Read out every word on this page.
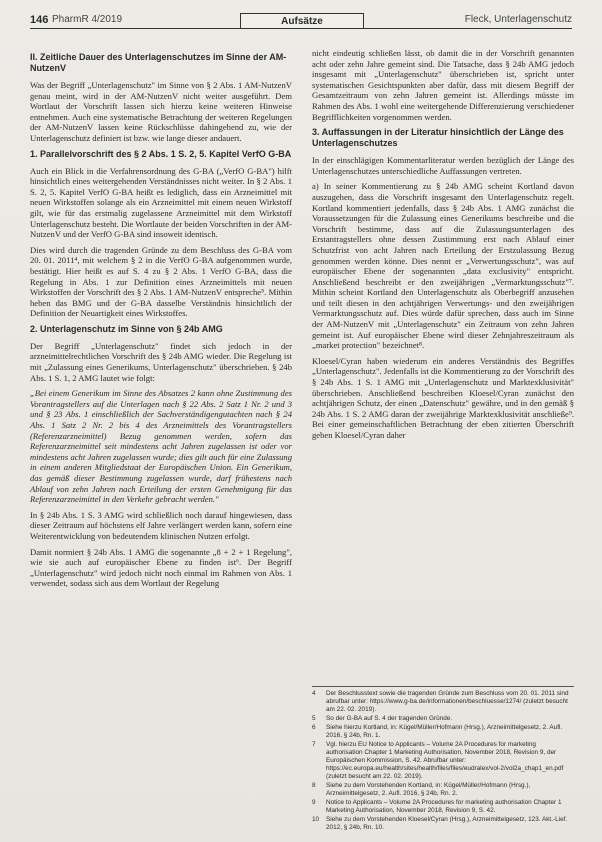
146 PharmR 4/2019	Aufsätze	Fleck, Unterlagenschutz
II. Zeitliche Dauer des Unterlagenschutzes im Sinne der AM-NutzenV

Was der Begriff „Unterlagenschutz" im Sinne von § 2 Abs. 1 AM-NutzenV genau meint, wird in der AM-NutzenV nicht weiter ausgeführt. Dem Wortlaut der Vorschrift lassen sich hierzu keine weiteren Hinweise entnehmen. Auch eine systematische Betrachtung der weiteren Regelungen der AM-NutzenV lassen keine Rückschlüsse dahingehend zu, wie der Unterlagenschutz definiert ist bzw. wie lange dieser andauert.

1. Parallelvorschrift des § 2 Abs. 1 S. 2, 5. Kapitel VerfO G-BA

Auch ein Blick in die Verfahrensordnung des G-BA („VerfO G-BA") hilft hinsichtlich eines weitergehenden Verständnisses nicht weiter. In § 2 Abs. 1 S. 2, 5. Kapitel VerfO G-BA heißt es lediglich, dass ein Arzneimittel mit neuen Wirkstoffen solange als ein Arzneimittel mit einem neuen Wirkstoff gilt, wie für das erstmalig zugelassene Arzneimittel mit dem Wirkstoff Unterlagenschutz besteht. Die Wortlaute der beiden Vorschriften in der AM-NutzenV und der VerfO G-BA sind insoweit identisch.

Dies wird durch die tragenden Gründe zu dem Beschluss des G-BA vom 20. 01. 2011⁴, mit welchem § 2 in die VerfO G-BA aufgenommen wurde, bestätigt. Hier heißt es auf S. 4 zu § 2 Abs. 1 VerfO G-BA, dass die Regelung in Abs. 1 zur Definition eines Arzneimittels mit neuen Wirkstoffen der Vorschrift des § 2 Abs. 1 AM-NutzenV entspreche⁵. Mithin heben das BMG und der G-BA dasselbe Verständnis hinsichtlich der Definition der Neuartigkeit eines Wirkstoffes.

2. Unterlagenschutz im Sinne von § 24b AMG

Der Begriff „Unterlagenschutz" findet sich jedoch in der arzneimittelrechtlichen Vorschrift des § 24b AMG wieder. Die Regelung ist mit „Zulassung eines Generikums, Unterlagenschutz" überschrieben. § 24b Abs. 1 S. 1, 2 AMG lautet wie folgt:

„Bei einem Generikum im Sinne des Absatzes 2 kann ohne Zustimmung des Vorantragstellers auf die Unterlagen nach § 22 Abs. 2 Satz 1 Nr. 2 und 3 und § 23 Abs. 1 einschließlich der Sachverständigengutachten nach § 24 Abs. 1 Satz 2 Nr. 2 bis 4 des Arzneimittels des Vorantragstellers (Referenzarzneimittel) Bezug genommen werden, sofern das Referenzarzneimittel seit mindestens acht Jahren zugelassen ist oder vor mindestens acht Jahren zugelassen wurde; dies gilt auch für eine Zulassung in einem anderen Mitgliedstaat der Europäischen Union. Ein Generikum, das gemäß dieser Bestimmung zugelassen wurde, darf frühestens nach Ablauf von zehn Jahren nach Erteilung der ersten Genehmigung für das Referenzarzneimittel in den Verkehr gebracht werden."

In § 24b Abs. 1 S. 3 AMG wird schließlich noch darauf hingewiesen, dass dieser Zeitraum auf höchstens elf Jahre verlängert werden kann, sofern eine Weiterentwicklung von bedeutendem klinischen Nutzen erfolgt.

Damit normiert § 24b Abs. 1 AMG die sogenannte „8 + 2 + 1 Regelung", wie sie auch auf europäischer Ebene zu finden ist⁶. Der Begriff „Unterlagenschutz" wird jedoch nicht noch einmal im Rahmen von Abs. 1 verwendet, sodass sich aus dem Wortlaut der Regelung

nicht eindeutig schließen lässt, ob damit die in der Vorschrift genannten acht oder zehn Jahre gemeint sind. Die Tatsache, dass § 24b AMG jedoch insgesamt mit „Unterlagenschutz" überschrieben ist, spricht unter systematischen Gesichtspunkten aber dafür, dass mit diesem Begriff der Gesamtzeitraum von zehn Jahren gemeint ist. Allerdings müsste im Rahmen des Abs. 1 wohl eine weitergehende Differenzierung verschiedener Begrifflichkeiten vorgenommen werden.

3. Auffassungen in der Literatur hinsichtlich der Länge des Unterlagenschutzes

In der einschlägigen Kommentarliteratur werden bezüglich der Länge des Unterlagenschutzes unterschiedliche Auffassungen vertreten.

a) In seiner Kommentierung zu § 24b AMG scheint Kortland davon auszugehen, dass die Vorschrift insgesamt den Unterlagenschutz regelt. Kortland kommentiert jedenfalls, dass § 24b Abs. 1 AMG zunächst die Voraussetzungen für die Zulassung eines Generikums beschreibe und die Vorschrift bestimme, dass auf die Zulassungsunterlagen des Erstantragstellers ohne dessen Zustimmung erst nach Ablauf einer Schutzfrist von acht Jahren nach Erteilung der Erstzulassung Bezug genommen werden könne. Dies nennt er „Verwertungsschutz", was auf europäischer Ebene der sogenannten „data exclusivity" entspricht. Anschließend beschreibt er den zweijährigen „Vermarktungsschutz"⁷. Mithin scheint Kortland den Unterlagenschutz als Oberbegriff anzusehen und teilt diesen in den achtjährigen Verwertungs- und den zweijährigen Vermarktungsschutz auf. Dies würde dafür sprechen, dass auch im Sinne der AM-NutzenV mit „Unterlagenschutz" ein Zeitraum von zehn Jahren gemeint ist. Auf europäischer Ebene wird dieser Zehnjahreszeitraum als „market protection" bezeichnet⁸.

Kloesel/Cyran haben wiederum ein anderes Verständnis des Begriffes „Unterlagenschutz". Jedenfalls ist die Kommentierung zu der Vorschrift des § 24b Abs. 1 S. 1 AMG mit „Unterlagenschutz und Marktexklusivität" überschrieben. Anschließend beschreiben Kloesel/Cyran zunächst den achtjährigen Schutz, der einen „Datenschutz" gewähre, und in den gemäß § 24b Abs. 1 S. 2 AMG daran der zweijährige Marktexklusivität anschließe⁹. Bei einer gemeinschaftlichen Betrachtung der eben zitierten Überschrift geben Kloesel/Cyran daher

4	Der Beschlusstext sowie die tragenden Gründe zum Beschluss vom 20. 01. 2011 sind abrufbar unter: https://www.g-ba.de/informationen/beschluesse/1274/ (zuletzt besucht am 22. 02. 2019).
5	So der G-BA auf S. 4 der tragenden Gründe.
6	Siehe hierzu Kortland, in: Kügel/Müller/Hofmann (Hrsg.), Arzneimittelgesetz, 2. Aufl. 2016, § 24b, Rn. 1.
7	Vgl. hierzu EU Notice to Applicants – Volume 2A Procedures for marketing authorisation Chapter 1 Marketing Authorisation, November 2018, Revision 9, der Europäischen Kommission, S. 42. Abrufbar unter: https://ec.europa.eu/health/sites/health/files/files/eudralex/vol-2/vol2a_chap1_en.pdf (zuletzt besucht am 22. 02. 2019).
8	Siehe zu dem Vorstehenden Kortland, in: Kügel/Müller/Hofmann (Hrsg.), Arzneimittelgesetz, 2. Aufl. 2016, § 24b, Rn. 2.
9	Notice to Applicants – Volume 2A Procedures for marketing authorisation Chapter 1 Marketing Authorisation, November 2018, Revision 9, S. 42.
10	Siehe zu dem Vorstehenden Kloesel/Cyran (Hrsg.), Arzneimittelgesetz, 123. Akt.-Lief. 2012, § 24b, Rn. 10.
